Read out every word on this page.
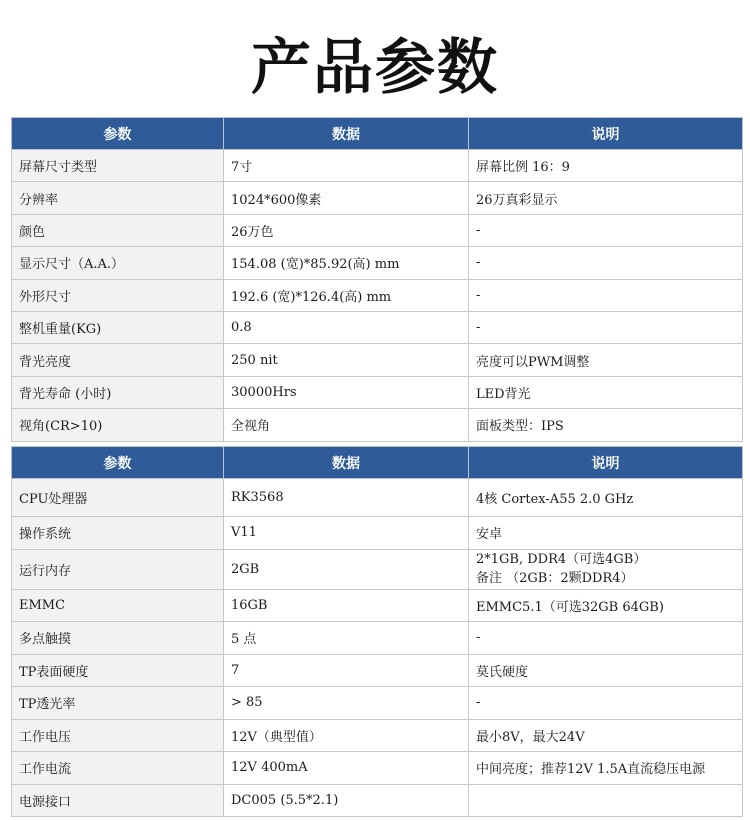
产品参数
参数	数据	说明
屏幕尺寸类型	7寸	屏幕比例 16：9
分辨率	1024*600像素	26万真彩显示
颜色	26万色	-
显示尺寸（A.A.）	154.08 (宽)*85.92(高) mm	-
外形尺寸	192.6 (宽)*126.4(高) mm	-
整机重量(KG)	0.8	-
背光亮度	250 nit	亮度可以PWM调整
背光寿命 (小时)	30000Hrs	LED背光
视角(CR>10)	全视角	面板类型：IPS
参数	数据	说明
CPU处理器	RK3568	4核 Cortex-A55 2.0 GHz
操作系统	V11	安卓
运行内存	2GB	2*1GB, DDR4（可选4GB）
备注 （2GB：2颗DDR4）

EMMC	16GB	EMMC5.1（可选32GB 64GB)
多点触摸	5 点	-
TP表面硬度	7	莫氏硬度
TP透光率	> 85	-
工作电压	12V（典型值）	最小8V，最大24V
工作电流	12V 400mA	中间亮度；推荐12V 1.5A直流稳压电源
电源接口	DC005 (5.5*2.1)	
